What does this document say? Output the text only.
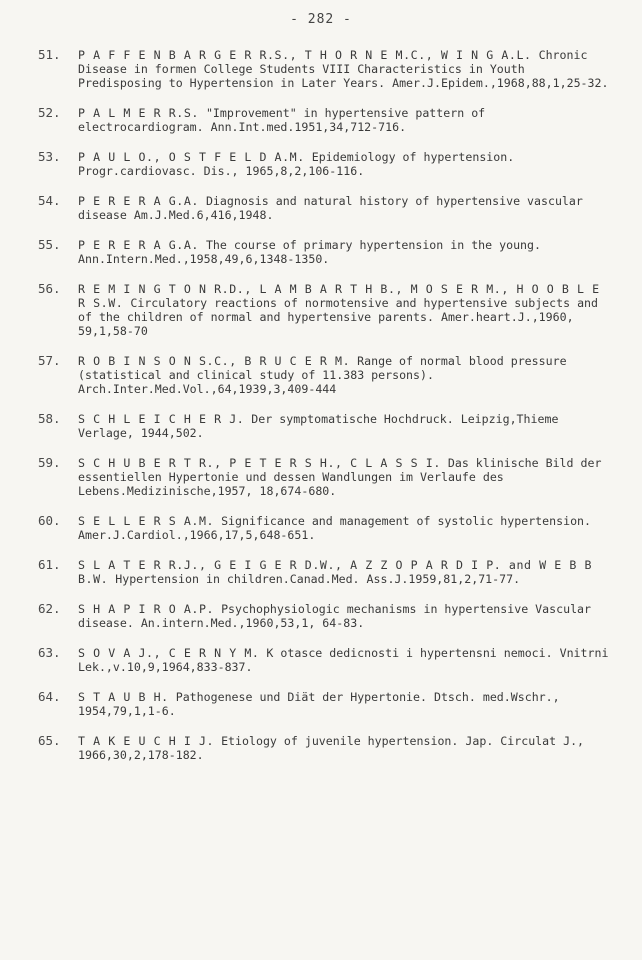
- 282 -
51.	P A F F E N B A R G E R R.S., T H O R N E M.C., W I N G A.L. Chronic Disease in formen College Students VIII Characteristics in Youth Predisposing to Hypertension in Later Years. Amer.J.Epidem.,1968,88,1,25-32.
52.	P A L M E R R.S. "Improvement" in hypertensive pattern of electrocardiogram. Ann.Int.med.1951,34,712-716.
53.	P A U L O., O S T F E L D A.M. Epidemiology of hypertension. Progr.cardiovasc. Dis., 1965,8,2,106-116.
54.	P E R E R A G.A. Diagnosis and natural history of hypertensive vascular disease Am.J.Med.6,416,1948.
55.	P E R E R A G.A. The course of primary hypertension in the young. Ann.Intern.Med.,1958,49,6,1348-1350.
56.	R E M I N G T O N R.D., L A M B A R T H B., M O S E R M., H O O B L E R S.W. Circulatory reactions of normotensive and hypertensive subjects and of the children of normal and hypertensive parents. Amer.heart.J.,1960, 59,1,58-70
57.	R O B I N S O N S.C., B R U C E R M. Range of normal blood pressure (statistical and clinical study of 11.383 persons). Arch.Inter.Med.Vol.,64,1939,3,409-444
58.	S C H L E I C H E R J. Der symptomatische Hochdruck. Leipzig,Thieme Verlage, 1944,502.
59.	S C H U B E R T R., P E T E R S H., C L A S S I. Das klinische Bild der essentiellen Hypertonie und dessen Wandlungen im Verlaufe des Lebens.Medizinische,1957, 18,674-680.
60.	S E L L E R S A.M. Significance and management of systolic hypertension. Amer.J.Cardiol.,1966,17,5,648-651.
61.	S L A T E R R.J., G E I G E R D.W., A Z Z O P A R D I P. and W E B B B.W. Hypertension in children.Canad.Med. Ass.J.1959,81,2,71-77.
62.	S H A P I R O A.P. Psychophysiologic mechanisms in hypertensive Vascular disease. An.intern.Med.,1960,53,1, 64-83.
63.	S O V A J., C E R N Y M. K otasce dedicnosti i hypertensni nemoci. Vnitrni Lek.,v.10,9,1964,833-837.
64.	S T A U B H. Pathogenese und Diät der Hypertonie. Dtsch. med.Wschr., 1954,79,1,1-6.
65.	T A K E U C H I J. Etiology of juvenile hypertension. Jap. Circulat J., 1966,30,2,178-182.
